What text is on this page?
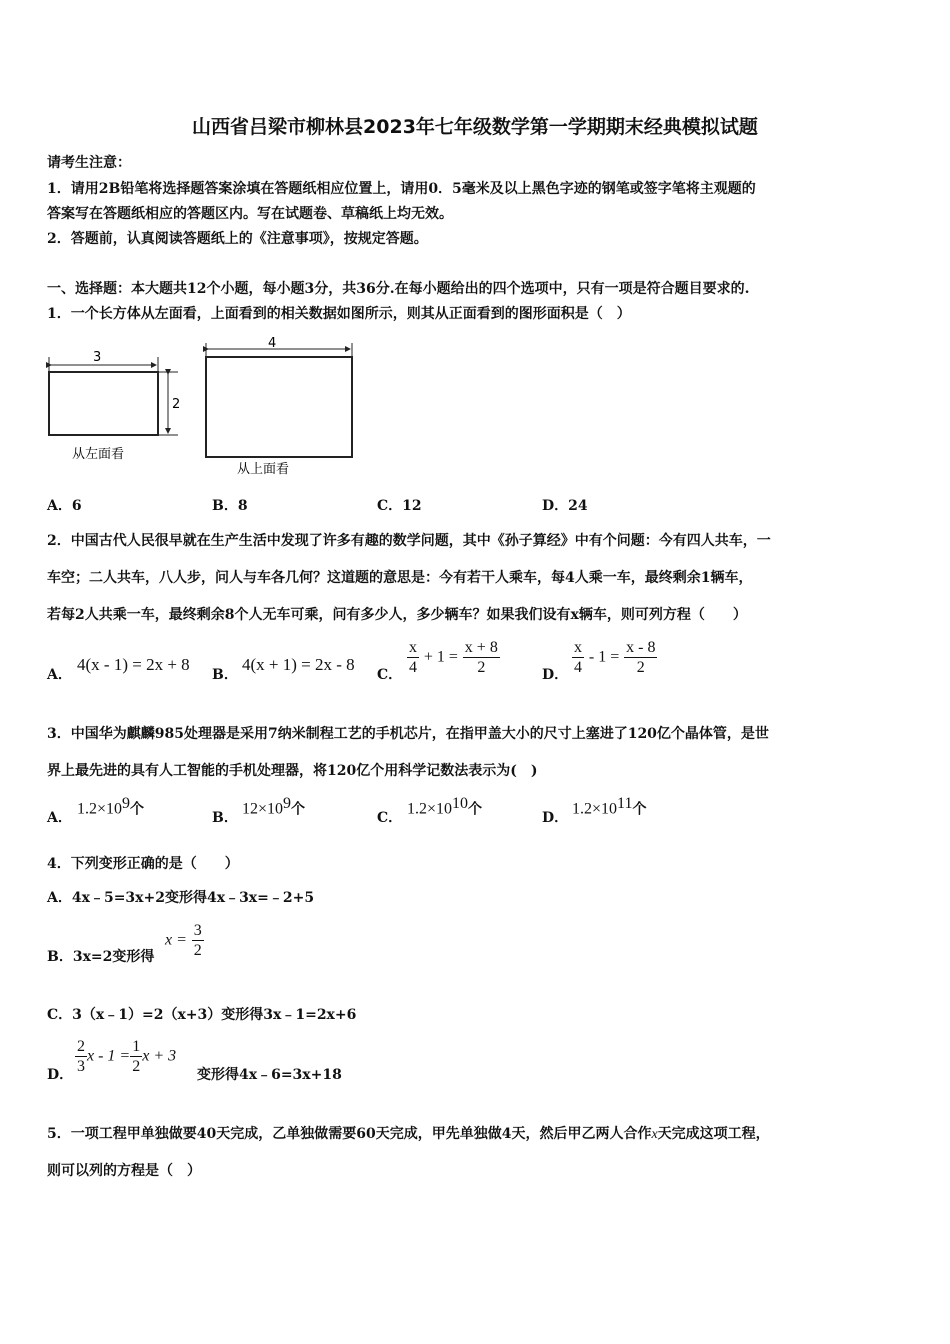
山西省吕梁市柳林县2023年七年级数学第一学期期末经典模拟试题
请考生注意：
1．请用2B铅笔将选择题答案涂填在答题纸相应位置上，请用0．5毫米及以上黑色字迹的钢笔或签字笔将主观题的
答案写在答题纸相应的答题区内。写在试题卷、草稿纸上均无效。
2．答题前，认真阅读答题纸上的《注意事项》，按规定答题。
一、选择题：本大题共12个小题，每小题3分，共36分.在每小题给出的四个选项中，只有一项是符合题目要求的.
1．一个长方体从左面看，上面看到的相关数据如图所示，则其从正面看到的图形面积是（　）
3
2
从左面看
4
从上面看
A．6	B．8	C．12	D．24
2．中国古代人民很早就在生产生活中发现了许多有趣的数学问题，其中《孙子算经》中有个问题：今有四人共车，一
车空；二人共车，八人步，问人与车各几何？这道题的意思是：今有若干人乘车，每4人乘一车，最终剩余1辆车，
若每2人共乘一车，最终剩余8个人无车可乘，问有多少人，多少辆车？如果我们设有x辆车，则可列方程（　　）
A．
4(x - 1) = 2x + 8
B．
4(x + 1) = 2x - 8
C． $\frac{x}{4} + 1 = \frac{x + 8}{2}$	D． $\frac{x}{4} - 1 = \frac{x - 8}{2}$
3．中国华为麒麟985处理器是采用7纳米制程工艺的手机芯片，在指甲盖大小的尺寸上塞进了120亿个晶体管，是世
界上最先进的具有人工智能的手机处理器，将120亿个用科学记数法表示为(　)
A．
$1.2\times 10^9$个
B．
$12\times 10^9$个
C．
$1.2\times 10^{10}$个
D．
$1.2\times 10^{11}$个
4．下列变形正确的是（　　）
A．4x﹣5=3x+2变形得4x﹣3x=﹣2+5
B．3x=2变形得
$x = \frac{3}{2}$
C．3（x﹣1）=2（x+3）变形得3x﹣1=2x+6
D． $\frac{2}{3}$ $x - 1 = \frac{1}{2}$ x + 3
变形得4x﹣6=3x+18
5．一项工程甲单独做要40天完成，乙单独做需要60天完成，甲先单独做4天，然后甲乙两人合作x天完成这项工程，
则可以列的方程是（　）
